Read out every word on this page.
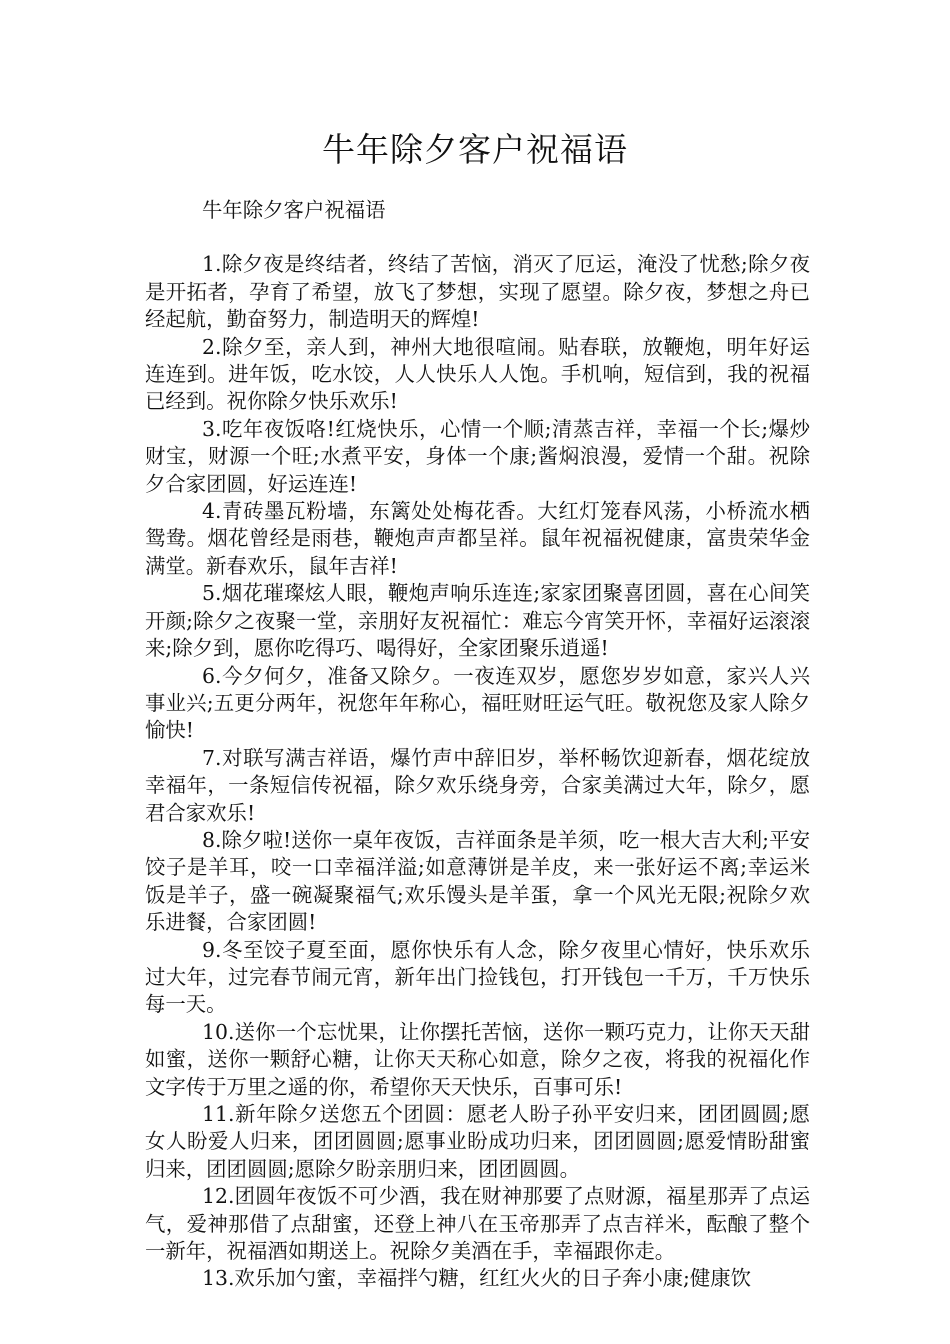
牛年除夕客户祝福语

牛年除夕客户祝福语

1.除夕夜是终结者，终结了苦恼，消灭了厄运，淹没了忧愁;除夕夜是开拓者，孕育了希望，放飞了梦想，实现了愿望。除夕夜，梦想之舟已经起航，勤奋努力，制造明天的辉煌!

2.除夕至，亲人到，神州大地很喧闹。贴春联，放鞭炮，明年好运连连到。进年饭，吃水饺，人人快乐人人饱。手机响，短信到，我的祝福已经到。祝你除夕快乐欢乐!

3.吃年夜饭咯!红烧快乐，心情一个顺;清蒸吉祥，幸福一个长;爆炒财宝，财源一个旺;水煮平安，身体一个康;酱焖浪漫，爱情一个甜。祝除夕合家团圆，好运连连!

4.青砖墨瓦粉墙，东篱处处梅花香。大红灯笼春风荡，小桥流水栖鸳鸯。烟花曾经是雨巷，鞭炮声声都呈祥。鼠年祝福祝健康，富贵荣华金满堂。新春欢乐，鼠年吉祥!

5.烟花璀璨炫人眼，鞭炮声响乐连连;家家团聚喜团圆，喜在心间笑开颜;除夕之夜聚一堂，亲朋好友祝福忙：难忘今宵笑开怀，幸福好运滚滚来;除夕到，愿你吃得巧、喝得好，全家团聚乐逍遥!

6.今夕何夕，准备又除夕。一夜连双岁，愿您岁岁如意，家兴人兴事业兴;五更分两年，祝您年年称心，福旺财旺运气旺。敬祝您及家人除夕愉快!

7.对联写满吉祥语，爆竹声中辞旧岁，举杯畅饮迎新春，烟花绽放幸福年，一条短信传祝福，除夕欢乐绕身旁，合家美满过大年，除夕，愿君合家欢乐!

8.除夕啦!送你一桌年夜饭，吉祥面条是羊须，吃一根大吉大利;平安饺子是羊耳，咬一口幸福洋溢;如意薄饼是羊皮，来一张好运不离;幸运米饭是羊子，盛一碗凝聚福气;欢乐馒头是羊蛋，拿一个风光无限;祝除夕欢乐进餐，合家团圆!

9.冬至饺子夏至面，愿你快乐有人念，除夕夜里心情好，快乐欢乐过大年，过完春节闹元宵，新年出门捡钱包，打开钱包一千万，千万快乐每一天。

10.送你一个忘忧果，让你摆托苦恼，送你一颗巧克力，让你天天甜如蜜，送你一颗舒心糖，让你天天称心如意，除夕之夜，将我的祝福化作文字传于万里之遥的你，希望你天天快乐，百事可乐!

11.新年除夕送您五个团圆：愿老人盼子孙平安归来，团团圆圆;愿女人盼爱人归来，团团圆圆;愿事业盼成功归来，团团圆圆;愿爱情盼甜蜜归来，团团圆圆;愿除夕盼亲朋归来，团团圆圆。

12.团圆年夜饭不可少酒，我在财神那要了点财源，福星那弄了点运气，爱神那借了点甜蜜，还登上神八在玉帝那弄了点吉祥米，酝酿了整个一新年，祝福酒如期送上。祝除夕美酒在手，幸福跟你走。

13.欢乐加勺蜜，幸福拌勺糖，红红火火的日子奔小康;健康饮
